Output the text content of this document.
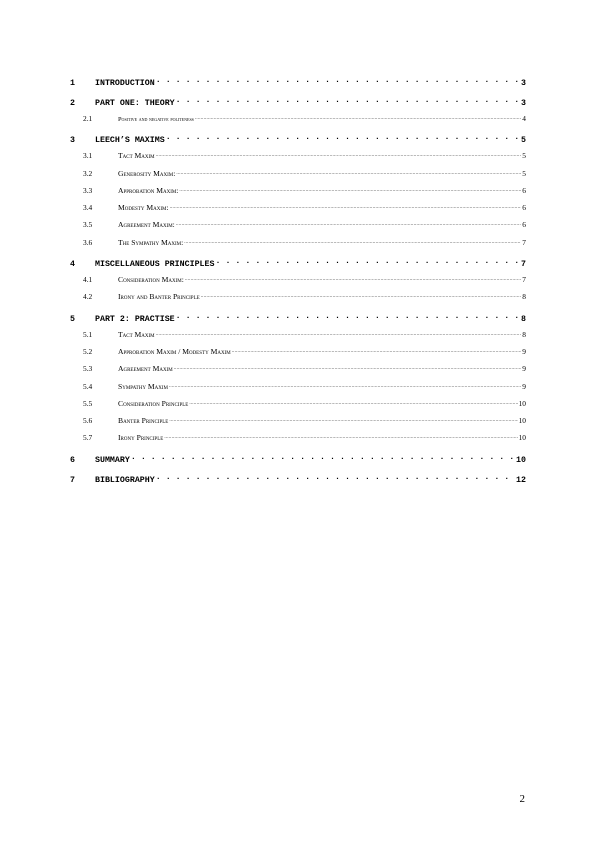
1	INTRODUCTION . . .	3
2	PART ONE: THEORY . . .	3
2.1	Positive and negative politeness .....	4
3	LEECH’S MAXIMS . . .	5
3.1	Tact Maxim .....	5
3.2	Generosity Maxim: .....	5
3.3	Approbation Maxim: .....	6
3.4	Modesty Maxim: .....	6
3.5	Agreement Maxim: .....	6
3.6	The Sympathy Maxim: .....	7
4	MISCELLANEOUS PRINCIPLES . . .	7
4.1	Consideration Maxim: .....	7
4.2	Irony and Banter Principle .....	8
5	PART 2: PRACTISE . . .	8
5.1	Tact Maxim .....	8
5.2	Approbation Maxim / Modesty Maxim .....	9
5.3	Agreement Maxim .....	9
5.4	Sympathy Maxim .....	9
5.5	Consideration Principle .....	10
5.6	Banter Principle .....	10
5.7	Irony Principle .....	10
6	SUMMARY . . .	10
7	BIBLIOGRAPHY . . .	12
2
